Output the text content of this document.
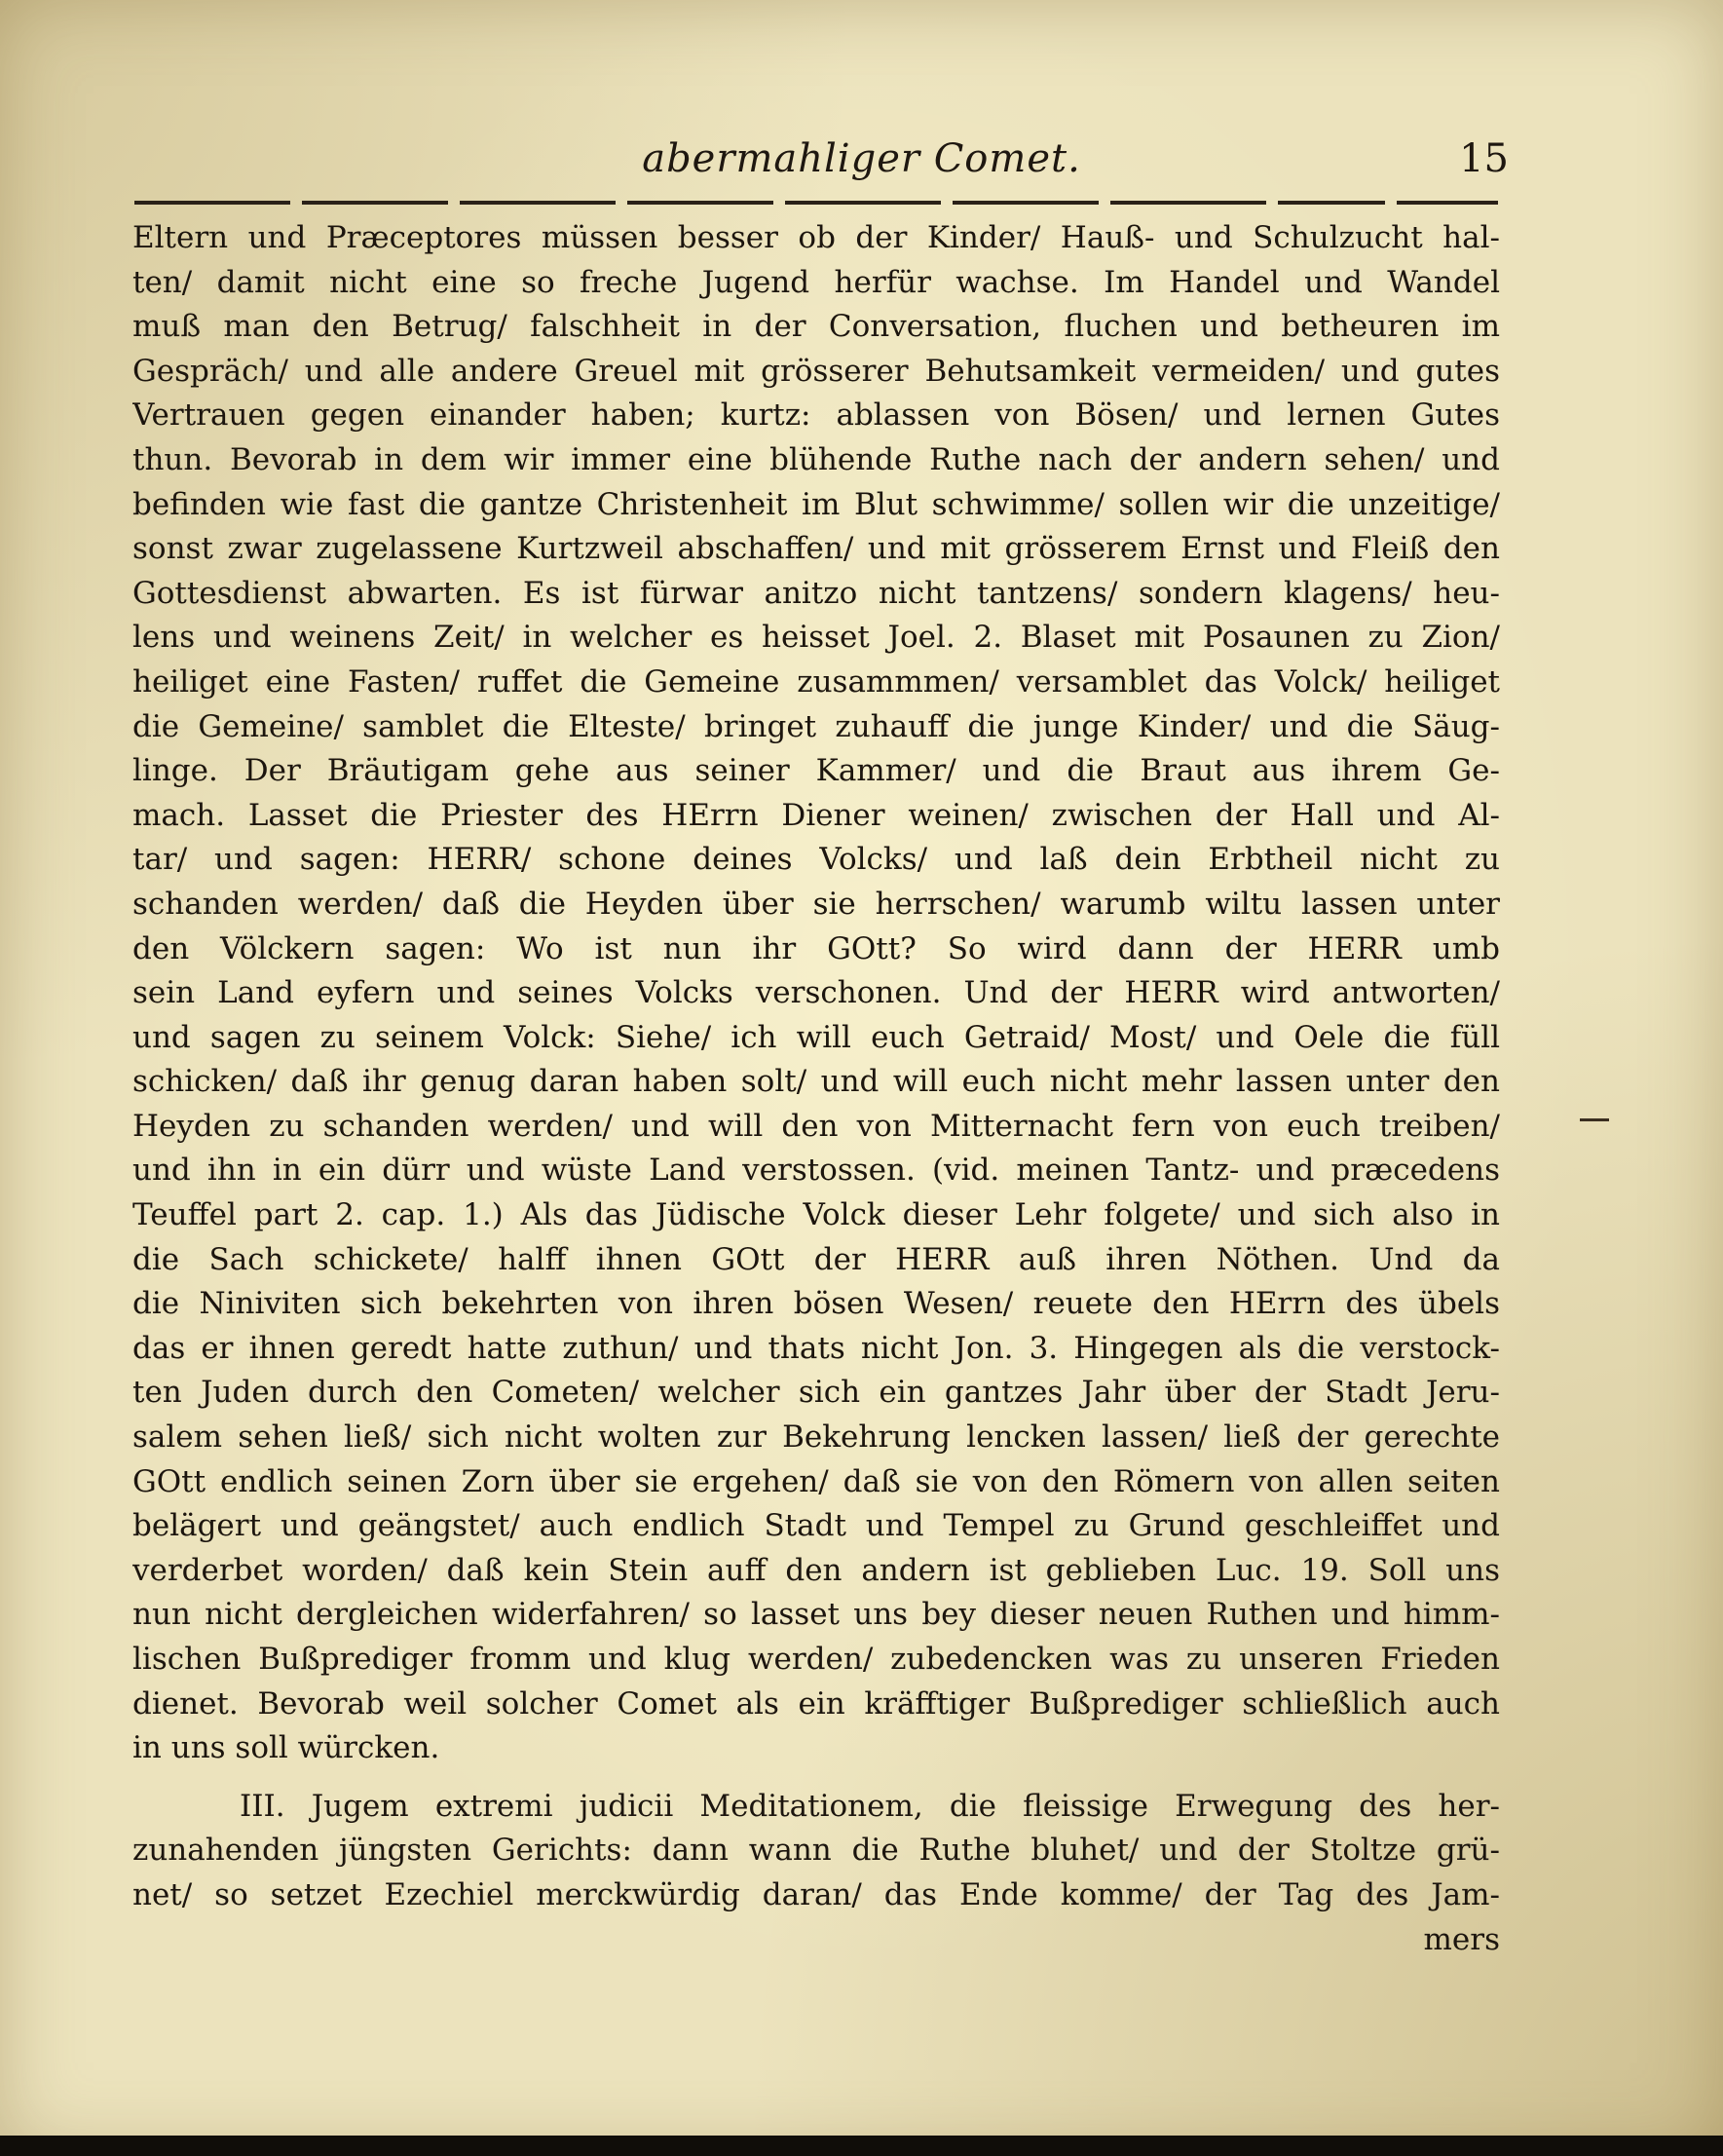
abermahliger Comet.	15
Eltern und Præceptores müssen besser ob der Kinder/ Hauß- und Schulzucht hal-
ten/ damit nicht eine so freche Jugend herfür wachse. Im Handel und Wandel
muß man den Betrug/ falschheit in der Conversation, fluchen und betheuren im
Gespräch/ und alle andere Greuel mit grösserer Behutsamkeit vermeiden/ und gutes
Vertrauen gegen einander haben; kurtz: ablassen von Bösen/ und lernen Gutes
thun. Bevorab in dem wir immer eine blühende Ruthe nach der andern sehen/ und
befinden wie fast die gantze Christenheit im Blut schwimme/ sollen wir die unzeitige/
sonst zwar zugelassene Kurtzweil abschaffen/ und mit grösserem Ernst und Fleiß den
Gottesdienst abwarten. Es ist fürwar anitzo nicht tantzens/ sondern klagens/ heu-
lens und weinens Zeit/ in welcher es heisset Joel. 2. Blaset mit Posaunen zu Zion/
heiliget eine Fasten/ ruffet die Gemeine zusammmen/ versamblet das Volck/ heiliget
die Gemeine/ samblet die Elteste/ bringet zuhauff die junge Kinder/ und die Säug-
linge. Der Bräutigam gehe aus seiner Kammer/ und die Braut aus ihrem Ge-
mach. Lasset die Priester des HErrn Diener weinen/ zwischen der Hall und Al-
tar/ und sagen: HERR/ schone deines Volcks/ und laß dein Erbtheil nicht zu
schanden werden/ daß die Heyden über sie herrschen/ warumb wiltu lassen unter
den Völckern sagen: Wo ist nun ihr GOtt? So wird dann der HERR umb
sein Land eyfern und seines Volcks verschonen. Und der HERR wird antworten/
und sagen zu seinem Volck: Siehe/ ich will euch Getraid/ Most/ und Oele die füll
schicken/ daß ihr genug daran haben solt/ und will euch nicht mehr lassen unter den
Heyden zu schanden werden/ und will den von Mitternacht fern von euch treiben/
und ihn in ein dürr und wüste Land verstossen. (vid. meinen Tantz- und præcedens
Teuffel part 2. cap. 1.) Als das Jüdische Volck dieser Lehr folgete/ und sich also in
die Sach schickete/ halff ihnen GOtt der HERR auß ihren Nöthen. Und da
die Niniviten sich bekehrten von ihren bösen Wesen/ reuete den HErrn des übels
das er ihnen geredt hatte zuthun/ und thats nicht Jon. 3. Hingegen als die verstock-
ten Juden durch den Cometen/ welcher sich ein gantzes Jahr über der Stadt Jeru-
salem sehen ließ/ sich nicht wolten zur Bekehrung lencken lassen/ ließ der gerechte
GOtt endlich seinen Zorn über sie ergehen/ daß sie von den Römern von allen seiten
belägert und geängstet/ auch endlich Stadt und Tempel zu Grund geschleiffet und
verderbet worden/ daß kein Stein auff den andern ist geblieben Luc. 19. Soll uns
nun nicht dergleichen widerfahren/ so lasset uns bey dieser neuen Ruthen und himm-
lischen Bußprediger fromm und klug werden/ zubedencken was zu unseren Frieden
dienet. Bevorab weil solcher Comet als ein kräfftiger Bußprediger schließlich auch
in uns soll würcken.
III. Jugem extremi judicii Meditationem, die fleissige Erwegung des her-
zunahenden jüngsten Gerichts: dann wann die Ruthe bluhet/ und der Stoltze grü-
net/ so setzet Ezechiel merckwürdig daran/ das Ende komme/ der Tag des Jam-
mers
